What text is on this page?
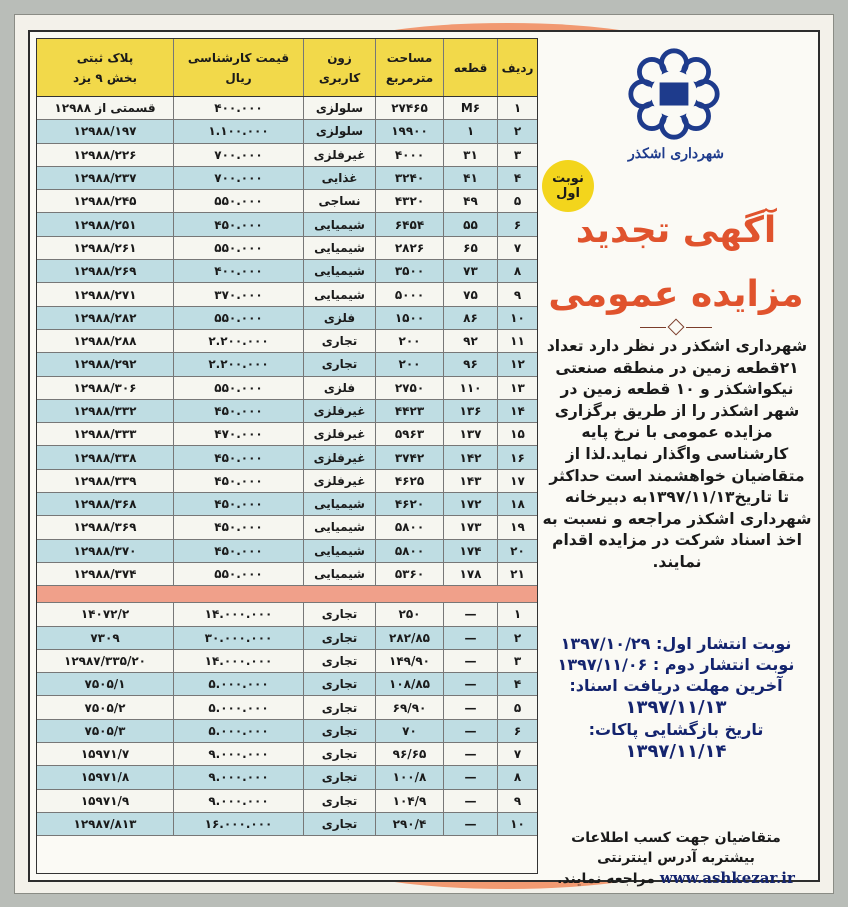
ردیف
قطعه
مساحت
مترمربع
زون
کاربری
قیمت کارشناسی
ریال
پلاک ثبتی
بخش ۹ یزد
۱
M۶
۲۷۴۶۵
سلولزی
۴۰۰.۰۰۰
قسمتی از ۱۲۹۸۸
۲
۱
۱۹۹۰۰
سلولزی
۱.۱۰۰.۰۰۰
۱۲۹۸۸/۱۹۷
۳
۳۱
۴۰۰۰
غیرفلزی
۷۰۰.۰۰۰
۱۲۹۸۸/۲۲۶
۴
۴۱
۳۲۴۰
غذایی
۷۰۰.۰۰۰
۱۲۹۸۸/۲۳۷
۵
۴۹
۴۳۲۰
نساجی
۵۵۰.۰۰۰
۱۲۹۸۸/۲۴۵
۶
۵۵
۶۴۵۴
شیمیایی
۴۵۰.۰۰۰
۱۲۹۸۸/۲۵۱
۷
۶۵
۲۸۲۶
شیمیایی
۵۵۰.۰۰۰
۱۲۹۸۸/۲۶۱
۸
۷۳
۳۵۰۰
شیمیایی
۴۰۰.۰۰۰
۱۲۹۸۸/۲۶۹
۹
۷۵
۵۰۰۰
شیمیایی
۳۷۰.۰۰۰
۱۲۹۸۸/۲۷۱
۱۰
۸۶
۱۵۰۰
فلزی
۵۵۰.۰۰۰
۱۲۹۸۸/۲۸۲
۱۱
۹۲
۲۰۰
تجاری
۲.۲۰۰.۰۰۰
۱۲۹۸۸/۲۸۸
۱۲
۹۶
۲۰۰
تجاری
۲.۲۰۰.۰۰۰
۱۲۹۸۸/۲۹۲
۱۳
۱۱۰
۲۷۵۰
فلزی
۵۵۰.۰۰۰
۱۲۹۸۸/۳۰۶
۱۴
۱۳۶
۴۴۲۳
غیرفلزی
۴۵۰.۰۰۰
۱۲۹۸۸/۳۳۲
۱۵
۱۳۷
۵۹۶۳
غیرفلزی
۴۷۰.۰۰۰
۱۲۹۸۸/۳۳۳
۱۶
۱۴۲
۳۷۴۲
غیرفلزی
۴۵۰.۰۰۰
۱۲۹۸۸/۳۳۸
۱۷
۱۴۳
۴۶۲۵
غیرفلزی
۴۵۰.۰۰۰
۱۲۹۸۸/۳۳۹
۱۸
۱۷۲
۴۶۲۰
شیمیایی
۴۵۰.۰۰۰
۱۲۹۸۸/۳۶۸
۱۹
۱۷۳
۵۸۰۰
شیمیایی
۴۵۰.۰۰۰
۱۲۹۸۸/۳۶۹
۲۰
۱۷۴
۵۸۰۰
شیمیایی
۴۵۰.۰۰۰
۱۲۹۸۸/۳۷۰
۲۱
۱۷۸
۵۳۶۰
شیمیایی
۵۵۰.۰۰۰
۱۲۹۸۸/۳۷۴
۱
—
۲۵۰
تجاری
۱۴.۰۰۰.۰۰۰
۱۴۰۷۲/۲
۲
—
۲۸۲/۸۵
تجاری
۳۰.۰۰۰.۰۰۰
۷۳۰۹
۳
—
۱۴۹/۹۰
تجاری
۱۴.۰۰۰.۰۰۰
۱۲۹۸۷/۳۳۵/۲۰
۴
—
۱۰۸/۸۵
تجاری
۵.۰۰۰.۰۰۰
۷۵۰۵/۱
۵
—
۶۹/۹۰
تجاری
۵.۰۰۰.۰۰۰
۷۵۰۵/۲
۶
—
۷۰
تجاری
۵.۰۰۰.۰۰۰
۷۵۰۵/۳
۷
—
۹۶/۶۵
تجاری
۹.۰۰۰.۰۰۰
۱۵۹۷۱/۷
۸
—
۱۰۰/۸
تجاری
۹.۰۰۰.۰۰۰
۱۵۹۷۱/۸
۹
—
۱۰۴/۹
تجاری
۹.۰۰۰.۰۰۰
۱۵۹۷۱/۹
۱۰
—
۲۹۰/۴
تجاری
۱۶.۰۰۰.۰۰۰
۱۲۹۸۷/۸۱۳
شهرداری اشکذر
نوبت
اول
آگهی تجدید
مزایده عمومی
شهرداری اشکذر در نظر دارد تعداد ۲۱قطعه زمین در منطقه صنعتی نیکواشکذر و ۱۰ قطعه زمین در شهر اشکذر را از طریق برگزاری مزایده عمومی با نرخ پایه کارشناسی واگذار نماید.لذا از متقاضیان خواهشمند است حداکثر تا تاریخ۱۳۹۷/۱۱/۱۳به دبیرخانه شهرداری اشکذر مراجعه و نسبت به اخذ اسناد شرکت در مزایده اقدام نمایند.
نوبت انتشار اول: ۱۳۹۷/۱۰/۲۹
نوبت انتشار دوم : ۱۳۹۷/۱۱/۰۶
آخرین مهلت دریافت اسناد:
۱۳۹۷/۱۱/۱۳
تاریخ بازگشایی پاکات:
۱۳۹۷/۱۱/۱۴
متقاضیان جهت کسب اطلاعات
بیشتربه آدرس اینترنتی
www.ashkezar.ir مراجعه نمایند.
